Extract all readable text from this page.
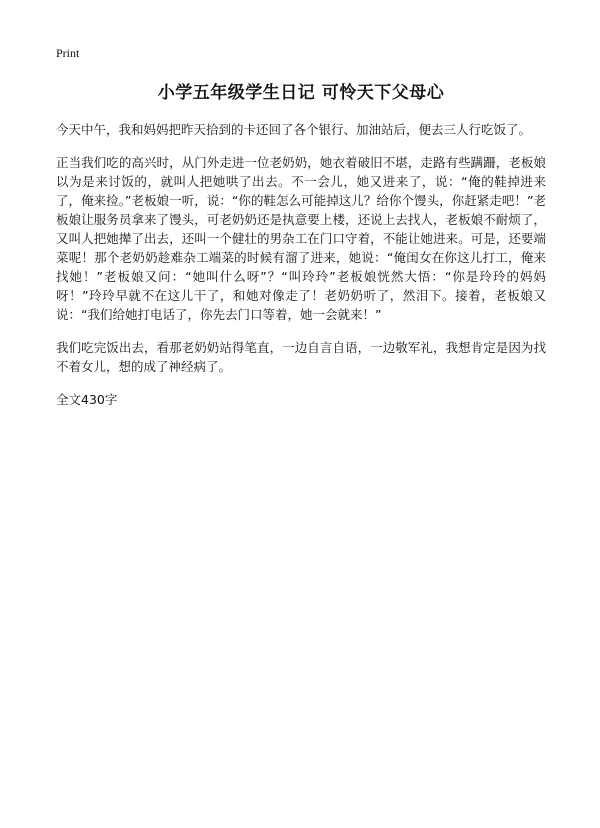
Print
小学五年级学生日记 可怜天下父母心

今天中午，我和妈妈把昨天拾到的卡还回了各个银行、加油站后，便去三人行吃饭了。

正当我们吃的高兴时，从门外走进一位老奶奶，她衣着破旧不堪，走路有些蹒跚，老板娘以为是来讨饭的，就叫人把她哄了出去。不一会儿，她又进来了，说：“俺的鞋掉进来了，俺来捡。”老板娘一听，说：“你的鞋怎么可能掉这儿？给你个馒头，你赶紧走吧！”老板娘让服务员拿来了馒头，可老奶奶还是执意要上楼，还说上去找人，老板娘不耐烦了，又叫人把她撵了出去，还叫一个健壮的男杂工在门口守着，不能让她进来。可是，还要端菜呢！那个老奶奶趁难杂工端菜的时候有溜了进来，她说：“俺闺女在你这儿打工，俺来找她！”老板娘又问：“她叫什么呀”？“叫玲玲”老板娘恍然大悟：“你是玲玲的妈妈呀！”玲玲早就不在这儿干了，和她对像走了！老奶奶听了，然泪下。接着，老板娘又说：“我们给她打电话了，你先去门口等着，她一会就来！”

我们吃完饭出去，看那老奶奶站得笔直，一边自言自语，一边敬军礼，我想肯定是因为找不着女儿，想的成了神经病了。

全文430字
